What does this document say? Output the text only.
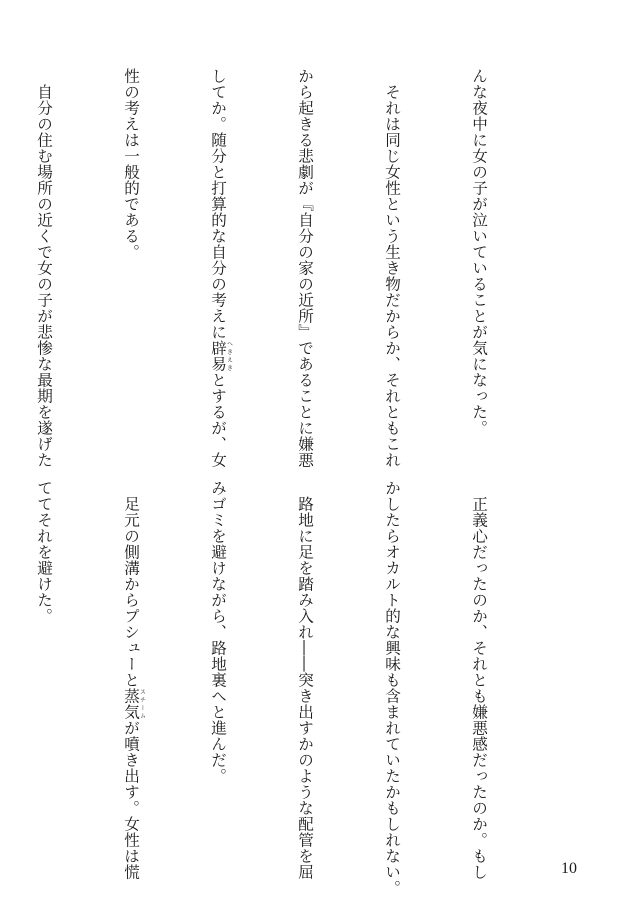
んな夜中に女の子が泣いていることが気になった。

　それは同じ女性という生き物だからか、それともこれ

から起きる悲劇が『自分の家の近所』であることに嫌悪

してか。随分と打算的な自分の考えに辟易へきえきとするが、女

性の考えは一般的である。

　自分の住む場所の近くで女の子が悲惨な最期を遂げた

　正義心だったのか、それとも嫌悪感だったのか。もし

かしたらオカルト的な興味も含まれていたかもしれない。

　路地に足を踏み入れ――突き出すかのような配管を屈

みゴミを避けながら、路地裏へと進んだ。

　足元の側溝からプシューと蒸気スチームが噴き出す。女性は慌

ててそれを避けた。

10
